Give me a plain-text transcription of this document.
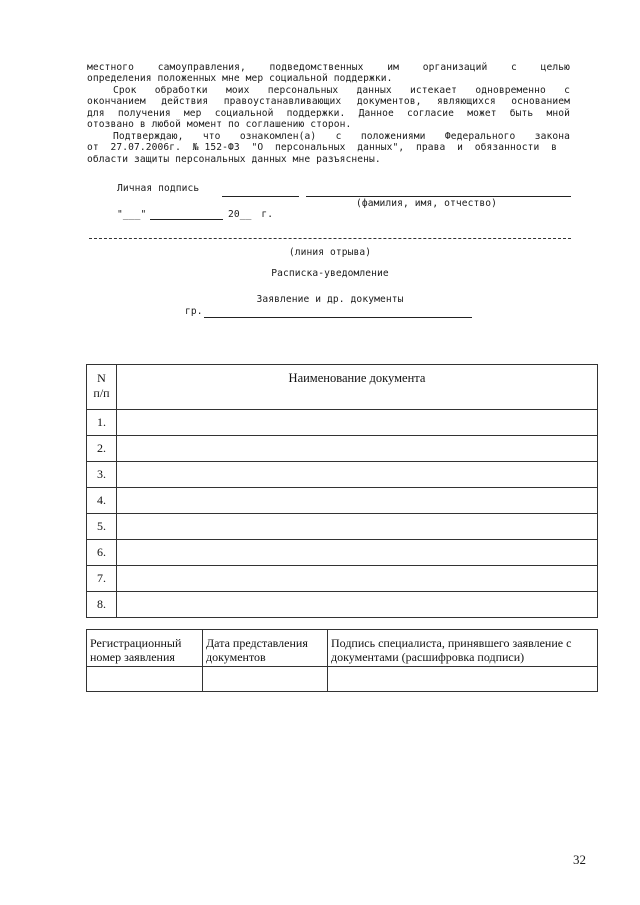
местного самоуправления, подведомственных им организаций с целью
определения положенных мне мер социальной поддержки.
Срок обработки моих персональных данных истекает одновременно с
окончанием действия правоустанавливающих документов, являющихся основанием
для получения мер социальной поддержки. Данное согласие может быть мной
отозвано в любой момент по соглашению сторон.
Подтверждаю, что ознакомлен(а) с положениями Федерального закона
от 27.07.2006г. №152-ФЗ "О персональных данных", права и обязанности в
области защиты персональных данных мне разъяснены.
Личная подпись
(фамилия, имя, отчество)
"___"	20__ г.
(линия отрыва)
Расписка-уведомление
Заявление и др. документы
гр.
N
п/п	Наименование документа
1.	
2.	
3.	
4.	
5.	
6.	
7.	
8.	
Регистрационный номер заявления	Дата представления документов	Подпись специалиста, принявшего заявление с документами (расшифровка подписи)

32
